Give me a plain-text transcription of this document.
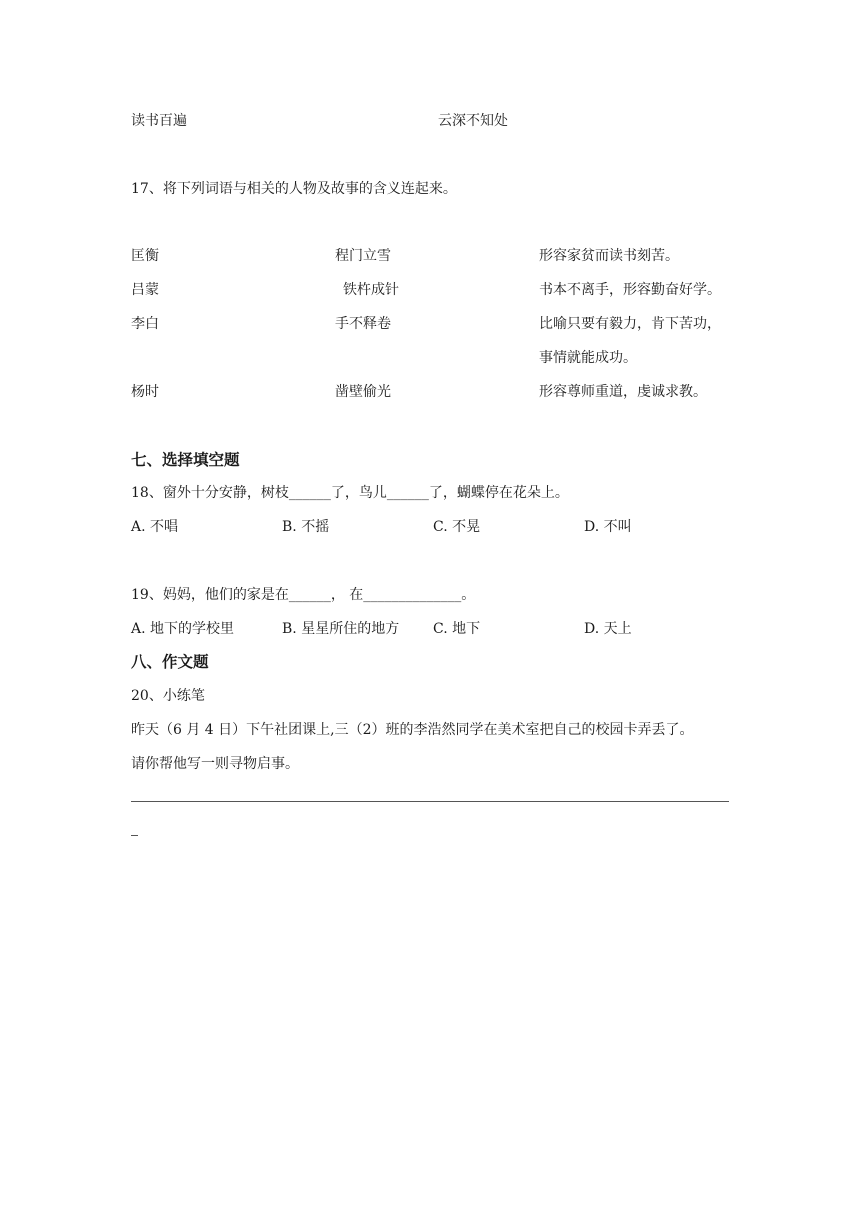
读书百遍	云深不知处
17、将下列词语与相关的人物及故事的含义连起来。
匡衡	程门立雪	形容家贫而读书刻苦。
吕蒙	铁杵成针	书本不离手，形容勤奋好学。
李白	手不释卷	比喻只要有毅力，肯下苦功，
事情就能成功。
杨时	凿壁偷光	形容尊师重道，虔诚求教。
七、选择填空题
18、窗外十分安静，树枝______了，鸟儿______了，蝴蝶停在花朵上。
A. 不唱	B. 不摇	C. 不晃	D. 不叫
19、妈妈，他们的家是在______， 在______________。
A. 地下的学校里	B. 星星所住的地方 C. 地下	D. 天上
八、作文题
20、小练笔
昨天（6 月 4 日）下午社团课上,三（2）班的李浩然同学在美术室把自己的校园卡弄丢了。
请你帮他写一则寻物启事。
